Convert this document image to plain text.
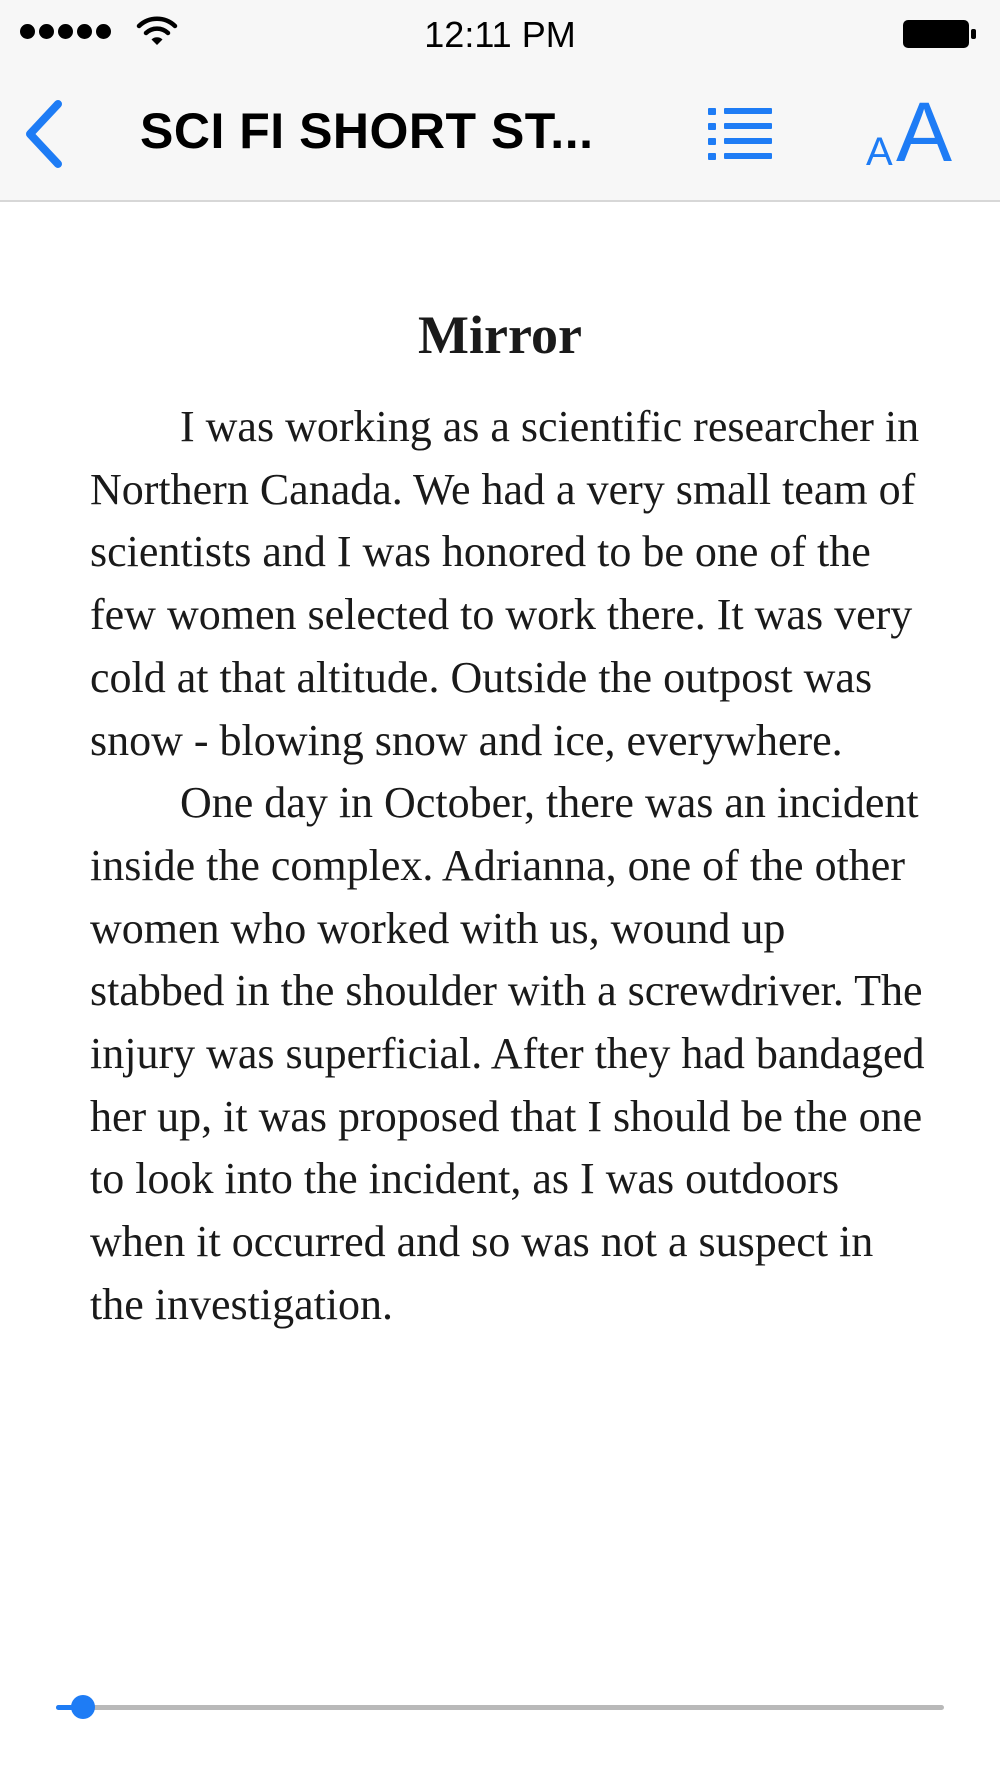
12:11 PM
SCI FI SHORT ST...	A A
Mirror

I was working as a scientific researcher in Northern Canada. We had a very small team of scientists and I was honored to be one of the few women selected to work there. It was very cold at that altitude. Outside the outpost was snow - blowing snow and ice, everywhere.

One day in October, there was an incident inside the complex. Adrianna, one of the other women who worked with us, wound up stabbed in the shoulder with a screwdriver. The injury was superficial. After they had bandaged her up, it was proposed that I should be the one to look into the incident, as I was outdoors when it occurred and so was not a suspect in the investigation.
